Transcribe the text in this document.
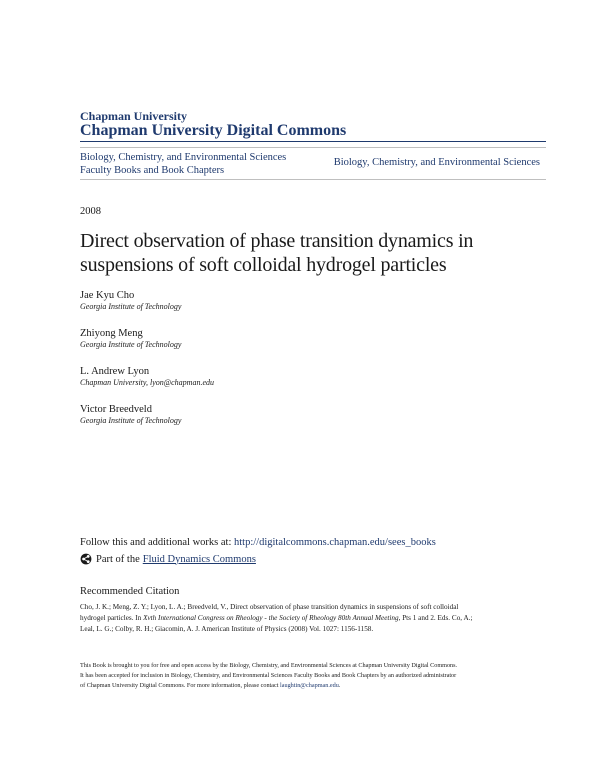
Chapman University
Chapman University Digital Commons
Biology, Chemistry, and Environmental Sciences
Faculty Books and Book Chapters
Biology, Chemistry, and Environmental Sciences
2008
Direct observation of phase transition dynamics in
suspensions of soft colloidal hydrogel particles
Jae Kyu Cho
Georgia Institute of Technology
Zhiyong Meng
Georgia Institute of Technology
L. Andrew Lyon
Chapman University, lyon@chapman.edu
Victor Breedveld
Georgia Institute of Technology
Follow this and additional works at: http://digitalcommons.chapman.edu/sees_books
Part of the Fluid Dynamics Commons
Recommended Citation
Cho, J. K.; Meng, Z. Y.; Lyon, L. A.; Breedveld, V., Direct observation of phase transition dynamics in suspensions of soft colloidal
hydrogel particles. In Xvth International Congress on Rheology - the Society of Rheology 80th Annual Meeting, Pts 1 and 2. Eds. Co, A.;
Leal, L. G.; Colby, R. H.; Giacomin, A. J. American Institute of Physics (2008) Vol. 1027: 1156-1158.
This Book is brought to you for free and open access by the Biology, Chemistry, and Environmental Sciences at Chapman University Digital Commons.
It has been accepted for inclusion in Biology, Chemistry, and Environmental Sciences Faculty Books and Book Chapters by an authorized administrator
of Chapman University Digital Commons. For more information, please contact laughtin@chapman.edu.
